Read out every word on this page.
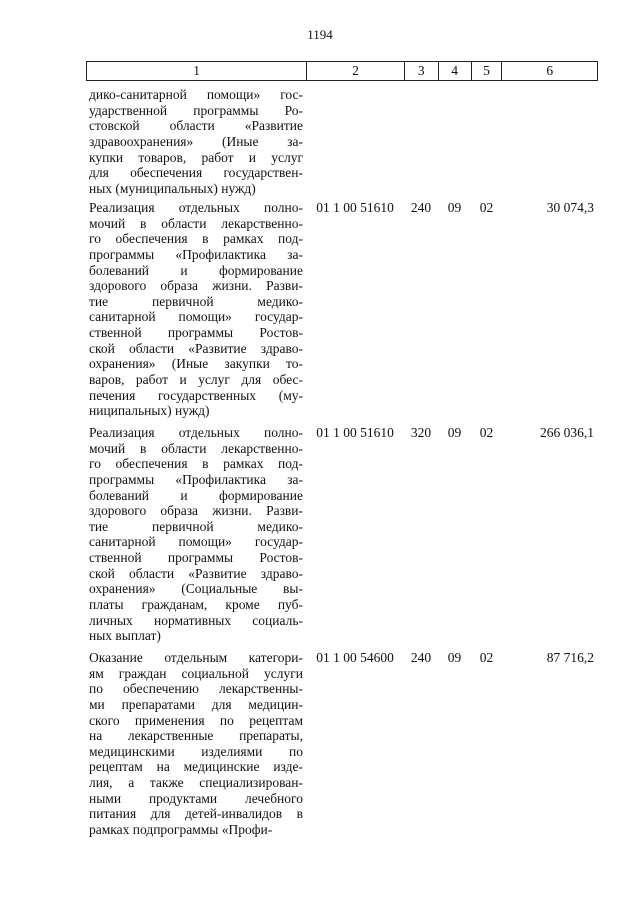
1194
1	2	3	4	5	6
дико-санитарной помощи» гос-
ударственной программы Ро-
стовской области «Развитие
здравоохранения» (Иные за-
купки товаров, работ и услуг
для обеспечения государствен-
ных (муниципальных) нужд)
Реализация отдельных полно-
мочий в области лекарственно-
го обеспечения в рамках под-
программы «Профилактика за-
болеваний и формирование
здорового образа жизни. Разви-
тие первичной медико-
санитарной помощи» государ-
ственной программы Ростов-
ской области «Развитие здраво-
охранения» (Иные закупки то-
варов, работ и услуг для обес-
печения государственных (му-
ниципальных) нужд)
01 1 00 51610	240	09	02	30 074,3
Реализация отдельных полно-
мочий в области лекарственно-
го обеспечения в рамках под-
программы «Профилактика за-
болеваний и формирование
здорового образа жизни. Разви-
тие первичной медико-
санитарной помощи» государ-
ственной программы Ростов-
ской области «Развитие здраво-
охранения» (Социальные вы-
платы гражданам, кроме пуб-
личных нормативных социаль-
ных выплат)
01 1 00 51610	320	09	02	266 036,1
Оказание отдельным категори-
ям граждан социальной услуги
по обеспечению лекарственны-
ми препаратами для медицин-
ского применения по рецептам
на лекарственные препараты,
медицинскими изделиями по
рецептам на медицинские изде-
лия, а также специализирован-
ными продуктами лечебного
питания для детей-инвалидов в
рамках подпрограммы «Профи-
01 1 00 54600	240	09	02	87 716,2
